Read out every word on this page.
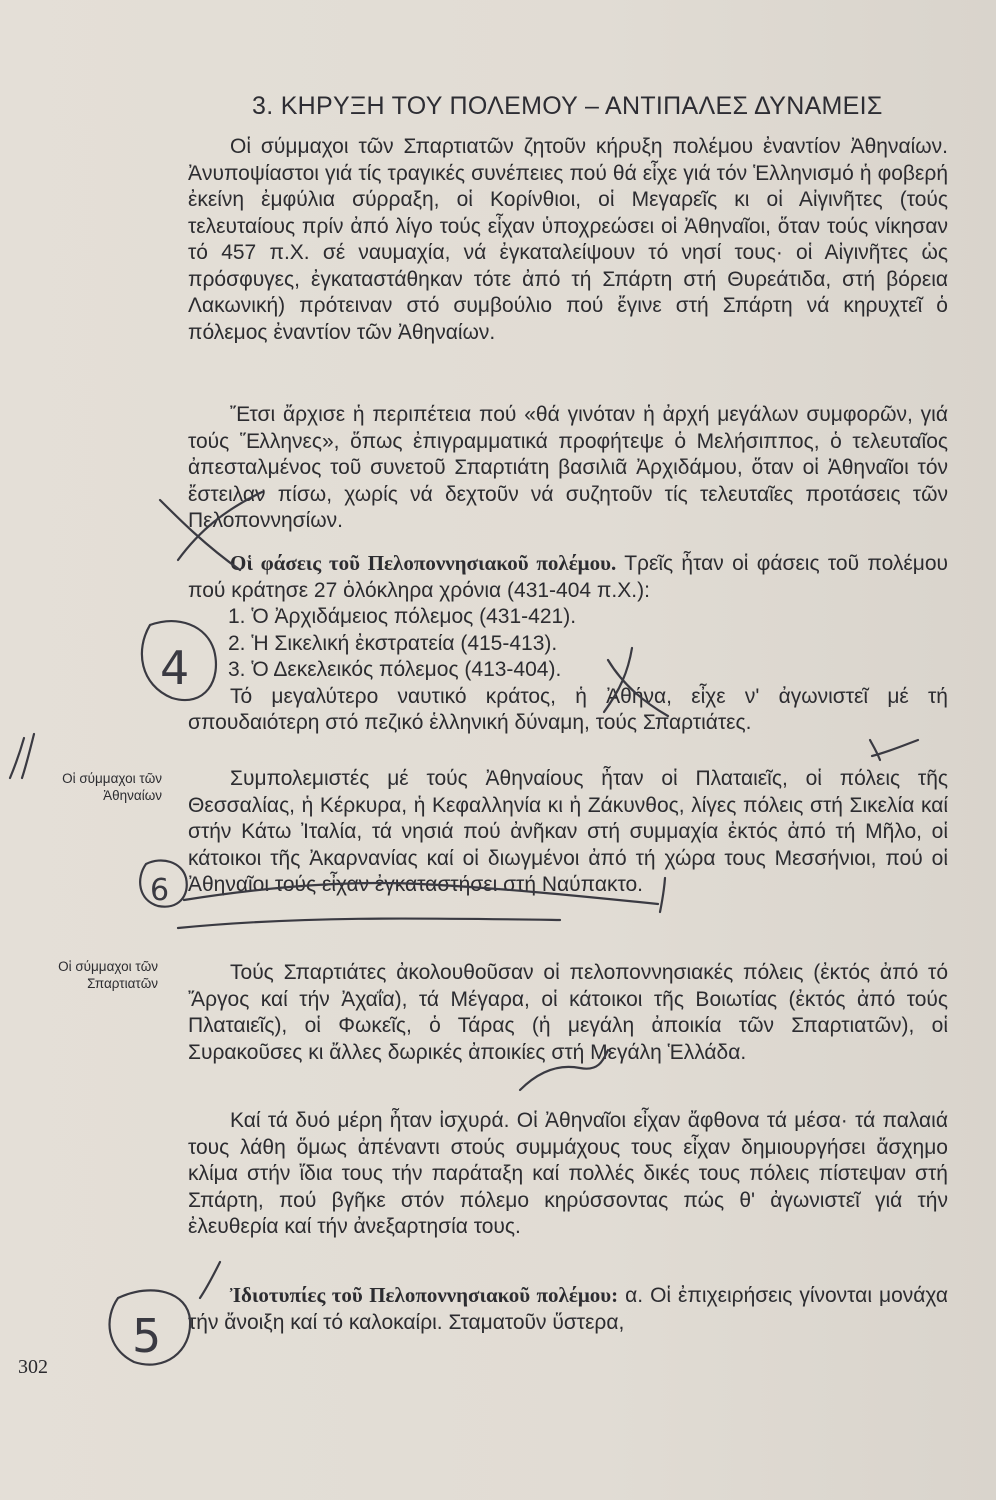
3. ΚΗΡΥΞΗ ΤΟΥ ΠΟΛΕΜΟΥ – ΑΝΤΙΠΑΛΕΣ ΔΥΝΑΜΕΙΣ

Οἱ σύμμαχοι τῶν Σπαρτιατῶν ζητοῦν κήρυξη πολέμου ἐναντίον Ἀθηναίων. Ἀνυποψίαστοι γιά τίς τραγικές συνέπειες πού θά εἶχε γιά τόν Ἑλληνισμό ἡ φοβερή ἐκείνη ἐμφύλια σύρραξη, οἱ Κορίνθιοι, οἱ Μεγαρεῖς κι οἱ Αἰγινῆτες (τούς τελευταίους πρίν ἀπό λίγο τούς εἶχαν ὑποχρεώσει οἱ Ἀθηναῖοι, ὅταν τούς νίκησαν τό 457 π.Χ. σέ ναυμαχία, νά ἐγκαταλείψουν τό νησί τους· οἱ Αἰγινῆτες ὡς πρόσφυγες, ἐγκαταστάθηκαν τότε ἀπό τή Σπάρτη στή Θυρεάτιδα, στή βόρεια Λακωνική) πρότειναν στό συμβούλιο πού ἔγινε στή Σπάρτη νά κηρυχτεῖ ὁ πόλεμος ἐναντίον τῶν Ἀθηναίων.

Ἔτσι ἄρχισε ἡ περιπέτεια πού «θά γινόταν ἡ ἀρχή μεγάλων συμφορῶν, γιά τούς Ἕλληνες», ὅπως ἐπιγραμματικά προφήτεψε ὁ Μελήσιππος, ὁ τελευταῖος ἀπεσταλμένος τοῦ συνετοῦ Σπαρτιάτη βασιλιᾶ Ἀρχιδάμου, ὅταν οἱ Ἀθηναῖοι τόν ἔστειλαν πίσω, χωρίς νά δεχτοῦν νά συζητοῦν τίς τελευταῖες προτάσεις τῶν Πελοποννησίων.

Οἱ φάσεις τοῦ Πελοποννησιακοῦ πολέμου. Τρεῖς ἦταν οἱ φάσεις τοῦ πολέμου πού κράτησε 27 ὁλόκληρα χρόνια (431-404 π.Χ.):

1. Ὁ Ἀρχιδάμειος πόλεμος (431-421).
2. Ἡ Σικελική ἐκστρατεία (415-413).
3. Ὁ Δεκελεικός πόλεμος (413-404).

Τό μεγαλύτερο ναυτικό κράτος, ἡ Ἀθήνα, εἶχε ν' ἀγωνιστεῖ μέ τή σπουδαιότερη στό πεζικό ἑλληνική δύναμη, τούς Σπαρτιάτες.

Συμπολεμιστές μέ τούς Ἀθηναίους ἦταν οἱ Πλαταιεῖς, οἱ πόλεις τῆς Θεσσαλίας, ἡ Κέρκυρα, ἡ Κεφαλληνία κι ἡ Ζάκυνθος, λίγες πόλεις στή Σικελία καί στήν Κάτω Ἰταλία, τά νησιά πού ἀνῆκαν στή συμμαχία ἐκτός ἀπό τή Μῆλο, οἱ κάτοικοι τῆς Ἀκαρνανίας καί οἱ διωγμένοι ἀπό τή χώρα τους Μεσσήνιοι, πού οἱ Ἀθηναῖοι τούς εἶχαν ἐγκαταστήσει στή Ναύπακτο.

Τούς Σπαρτιάτες ἀκολουθοῦσαν οἱ πελοποννησιακές πόλεις (ἐκτός ἀπό τό Ἄργος καί τήν Ἀχαΐα), τά Μέγαρα, οἱ κάτοικοι τῆς Βοιωτίας (ἐκτός ἀπό τούς Πλαταιεῖς), οἱ Φωκεῖς, ὁ Τάρας (ἡ μεγάλη ἀποικία τῶν Σπαρτιατῶν), οἱ Συρακοῦσες κι ἄλλες δωρικές ἀποικίες στή Μεγάλη Ἑλλάδα.

Καί τά δυό μέρη ἦταν ἰσχυρά. Οἱ Ἀθηναῖοι εἶχαν ἄφθονα τά μέσα· τά παλαιά τους λάθη ὅμως ἀπέναντι στούς συμμάχους τους εἶχαν δημιουργήσει ἄσχημο κλίμα στήν ἴδια τους τήν παράταξη καί πολλές δικές τους πόλεις πίστεψαν στή Σπάρτη, πού βγῆκε στόν πόλεμο κηρύσσοντας πώς θ' ἀγωνιστεῖ γιά τήν ἐλευθερία καί τήν ἀνεξαρτησία τους.

Ἰδιοτυπίες τοῦ Πελοποννησιακοῦ πολέμου: α. Οἱ ἐπιχειρήσεις γίνονται μονάχα τήν ἄνοιξη καί τό καλοκαίρι. Σταματοῦν ὕστερα,

Οἱ σύμμαχοι τῶν
Ἀθηναίων
Οἱ σύμμαχοι τῶν
Σπαρτιατῶν
302
4
6
5
